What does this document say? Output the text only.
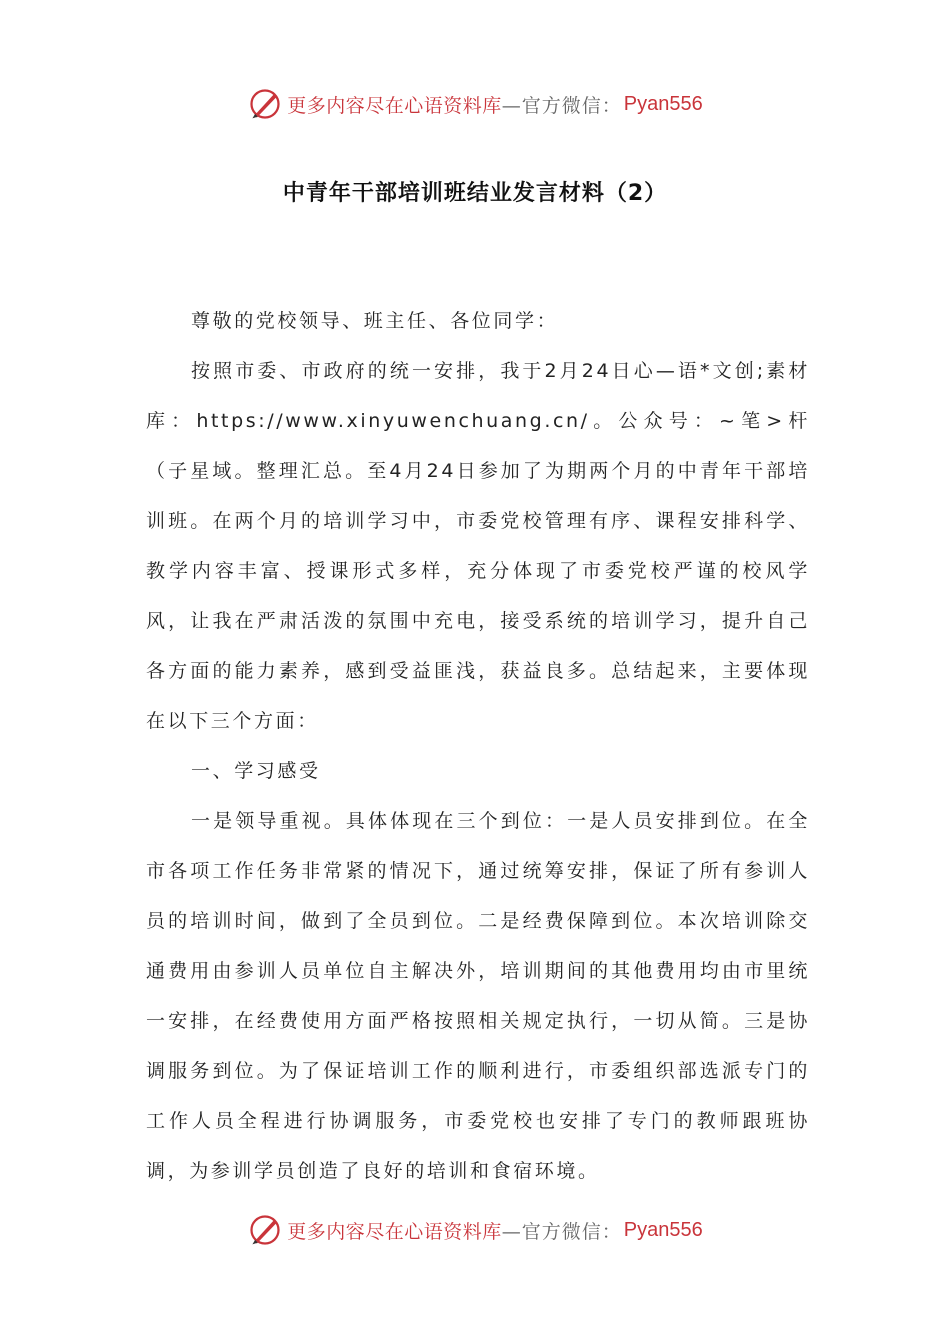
更多内容尽在心语资料库 —官方微信： Pyan556
中青年干部培训班结业发言材料（2）

尊敬的党校领导、班主任、各位同学：

按照市委、市政府的统一安排，我于2月24日心—语*文创;素材库：https://www.xinyuwenchuang.cn/。公众号：~笔>杆（子星域。整理汇总。至4月24日参加了为期两个月的中青年干部培训班。在两个月的培训学习中，市委党校管理有序、课程安排科学、教学内容丰富、授课形式多样，充分体现了市委党校严谨的校风学风，让我在严肃活泼的氛围中充电，接受系统的培训学习，提升自己各方面的能力素养，感到受益匪浅，获益良多。总结起来，主要体现在以下三个方面：

一、学习感受

一是领导重视。具体体现在三个到位：一是人员安排到位。在全市各项工作任务非常紧的情况下，通过统筹安排，保证了所有参训人员的培训时间，做到了全员到位。二是经费保障到位。本次培训除交通费用由参训人员单位自主解决外，培训期间的其他费用均由市里统一安排，在经费使用方面严格按照相关规定执行，一切从简。三是协调服务到位。为了保证培训工作的顺利进行，市委组织部选派专门的工作人员全程进行协调服务，市委党校也安排了专门的教师跟班协调，为参训学员创造了良好的培训和食宿环境。

更多内容尽在心语资料库 —官方微信： Pyan556
